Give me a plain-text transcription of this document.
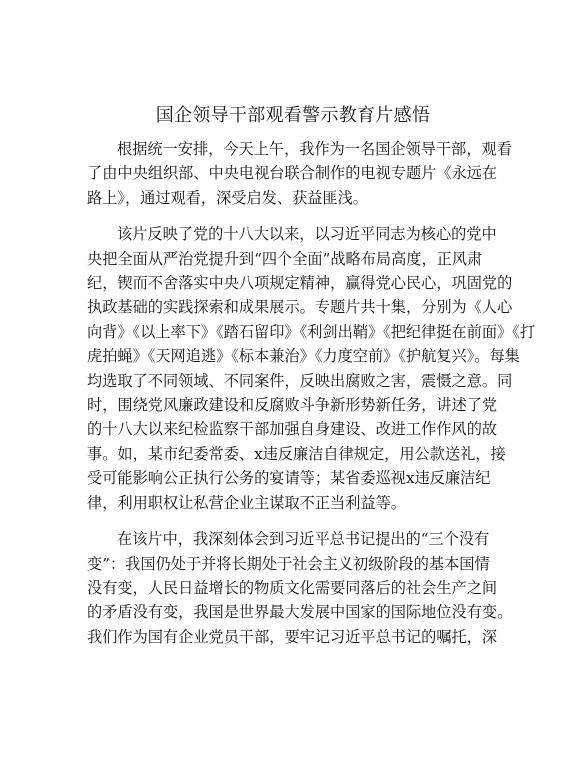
国企领导干部观看警示教育片感悟

根据统一安排，今天上午，我作为一名国企领导干部，观看
了由中央组织部、中央电视台联合制作的电视专题片《永远在
路上》，通过观看，深受启发、获益匪浅。

该片反映了党的十八大以来，以习近平同志为核心的党中
央把全面从严治党提升到“四个全面”战略布局高度，正风肃
纪，锲而不舍落实中央八项规定精神，赢得党心民心，巩固党的
执政基础的实践探索和成果展示。专题片共十集，分别为《人心
向背》《以上率下》《踏石留印》《利剑出鞘》《把纪律挺在前面》《打
虎拍蝇》《天网追逃》《标本兼治》《力度空前》《护航复兴》。每集
均选取了不同领域、不同案件，反映出腐败之害，震慑之意。同
时，围绕党风廉政建设和反腐败斗争新形势新任务，讲述了党
的十八大以来纪检监察干部加强自身建设、改进工作作风的故
事。如，某市纪委常委、x违反廉洁自律规定，用公款送礼，接
受可能影响公正执行公务的宴请等；某省委巡视x违反廉洁纪
律，利用职权让私营企业主谋取不正当利益等。

在该片中，我深刻体会到习近平总书记提出的“三个没有
变”：我国仍处于并将长期处于社会主义初级阶段的基本国情
没有变，人民日益增长的物质文化需要同落后的社会生产之间
的矛盾没有变，我国是世界最大发展中国家的国际地位没有变。
我们作为国有企业党员干部，要牢记习近平总书记的嘱托，深
